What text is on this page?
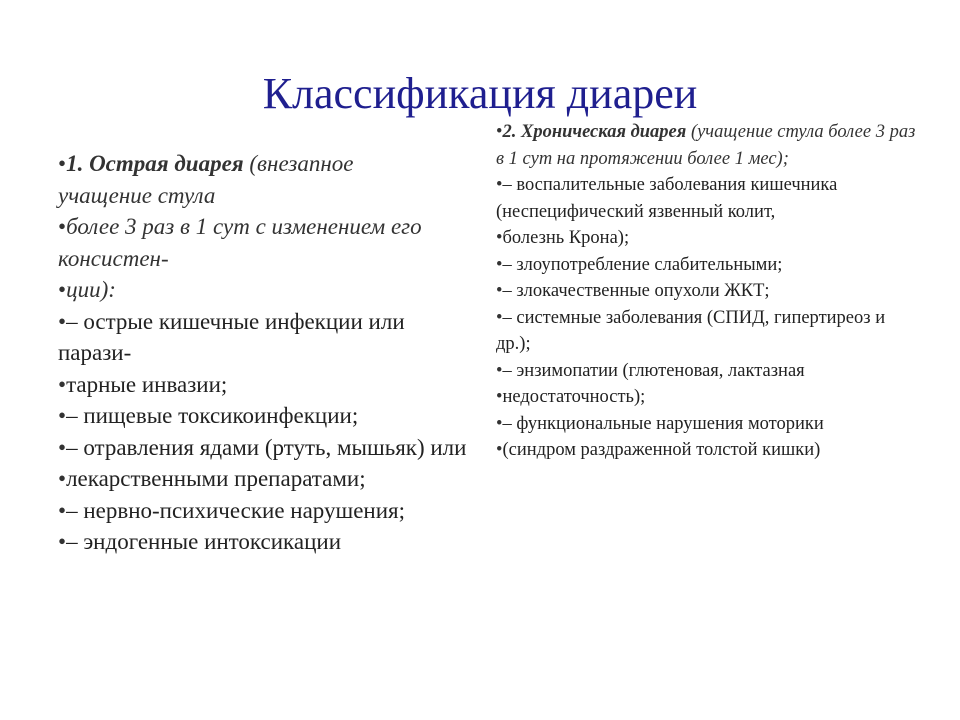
Классификация диареи

•1. Острая диарея (внезапное

учащение стула

•более 3 раз в 1 сут с изменением его консистен-

•ции):

•– острые кишечные инфекции или парази-

•тарные инвазии;

•– пищевые токсикоинфекции;

•– отравления ядами (ртуть, мышьяк) или

•лекарственными препаратами;

•– нервно-психические нарушения;

•– эндогенные интоксикации

•2. Хроническая диарея (учащение стула более 3 раз в 1 сут на протяжении более 1 мес);

•– воспалительные заболевания кишечника (неспецифический язвенный колит,

•болезнь Крона);

•– злоупотребление слабительными;

•– злокачественные опухоли ЖКТ;

•– системные заболевания (СПИД, гипертиреоз и др.);

•– энзимопатии (глютеновая, лактазная

•недостаточность);

•– функциональные нарушения моторики

•(синдром раздраженной толстой кишки)
